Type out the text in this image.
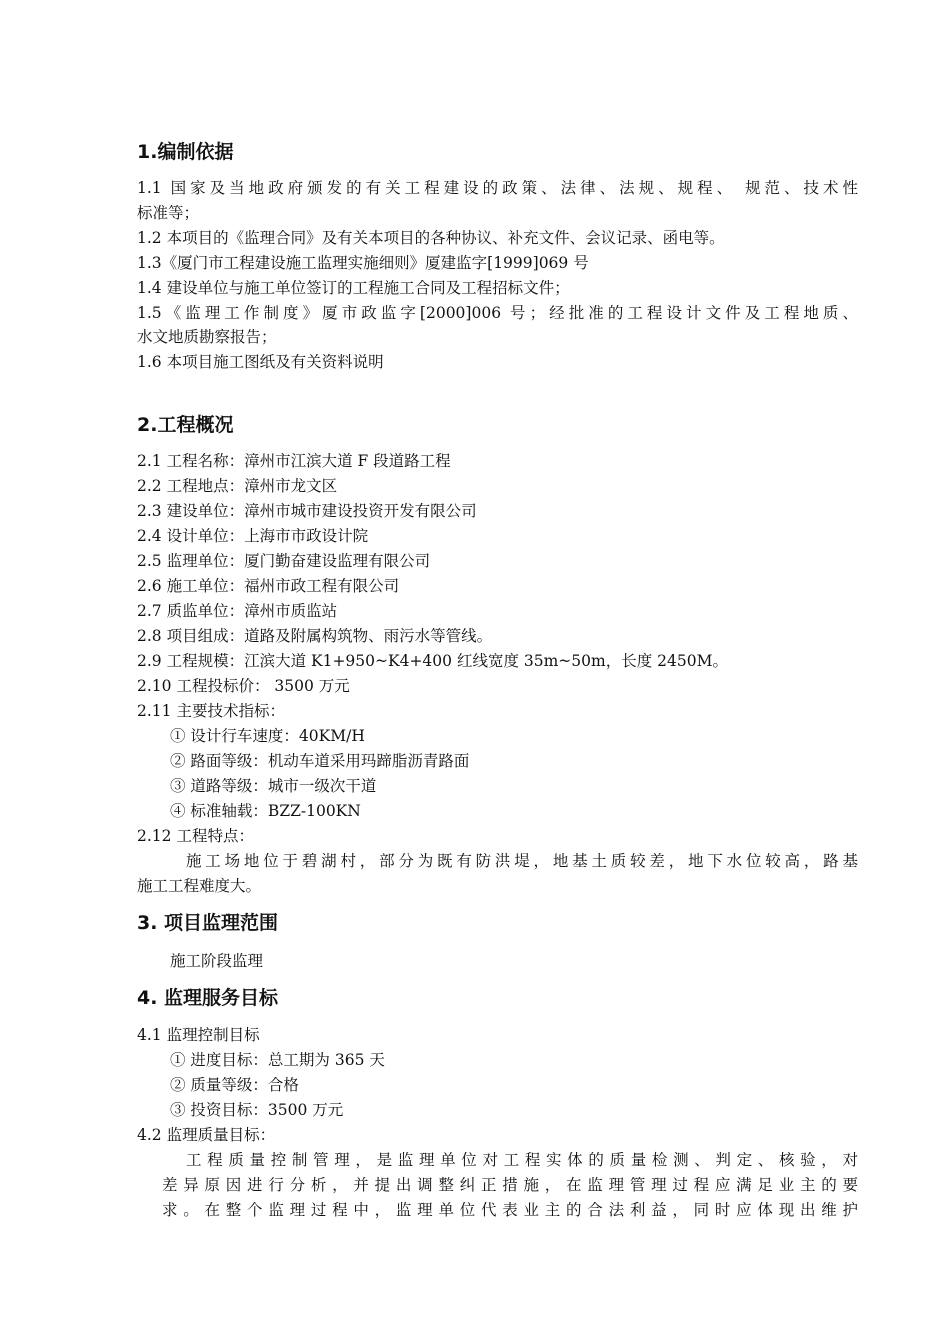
1.编制依据
1.1 国家及当地政府颁发的有关工程建设的政策、法律、法规、规程、 规范、技术性
标准等；
1.2 本项目的《监理合同》及有关本项目的各种协议、补充文件、会议记录、函电等。
1.3《厦门市工程建设施工监理实施细则》厦建监字[1999]069 号
1.4 建设单位与施工单位签订的工程施工合同及工程招标文件；
1.5《监理工作制度》厦市政监字[2000]006 号；经批准的工程设计文件及工程地质、
水文地质勘察报告；
1.6 本项目施工图纸及有关资料说明
2.工程概况
2.1 工程名称：漳州市江滨大道 F 段道路工程
2.2 工程地点：漳州市龙文区
2.3 建设单位：漳州市城市建设投资开发有限公司
2.4 设计单位：上海市市政设计院
2.5 监理单位：厦门勤奋建设监理有限公司
2.6 施工单位：福州市政工程有限公司
2.7 质监单位：漳州市质监站
2.8 项目组成：道路及附属构筑物、雨污水等管线。
2.9 工程规模：江滨大道 K1+950~K4+400 红线宽度 35m~50m，长度 2450M。
2.10 工程投标价： 3500 万元
2.11 主要技术指标：
① 设计行车速度：40KM/H
② 路面等级：机动车道采用玛蹄脂沥青路面
③ 道路等级：城市一级次干道
④ 标准轴载：BZZ-100KN
2.12 工程特点：
施工场地位于碧湖村，部分为既有防洪堤，地基土质较差，地下水位较高，路基
施工工程难度大。
3. 项目监理范围
施工阶段监理
4. 监理服务目标
4.1 监理控制目标
① 进度目标：总工期为 365 天
② 质量等级：合格
③ 投资目标：3500 万元
4.2 监理质量目标：
工程质量控制管理，是监理单位对工程实体的质量检测、判定、核验，对
差异原因进行分析，并提出调整纠正措施，在监理管理过程应满足业主的要
求。在整个监理过程中，监理单位代表业主的合法利益，同时应体现出维护
